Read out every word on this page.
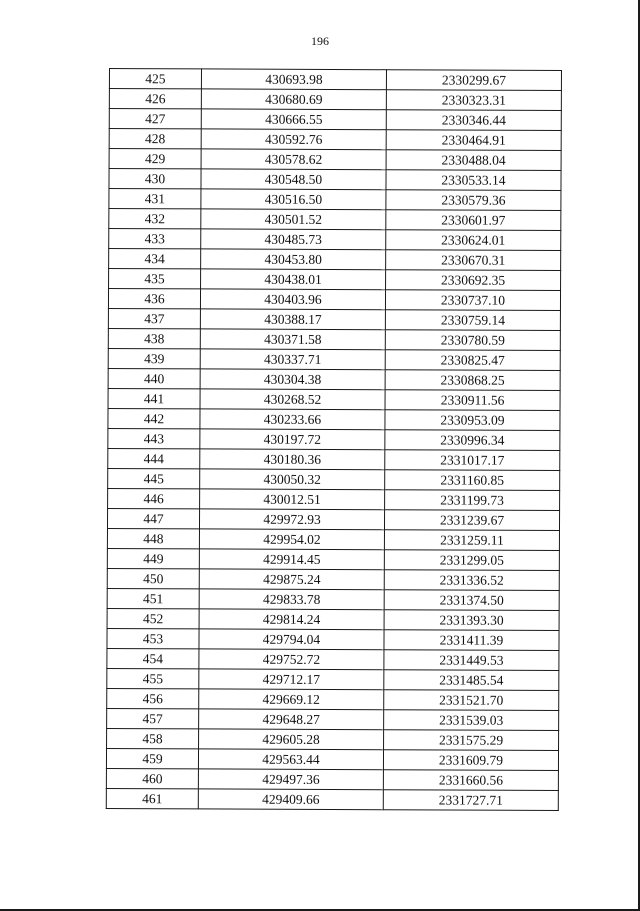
196
425	430693.98	2330299.67
426	430680.69	2330323.31
427	430666.55	2330346.44
428	430592.76	2330464.91
429	430578.62	2330488.04
430	430548.50	2330533.14
431	430516.50	2330579.36
432	430501.52	2330601.97
433	430485.73	2330624.01
434	430453.80	2330670.31
435	430438.01	2330692.35
436	430403.96	2330737.10
437	430388.17	2330759.14
438	430371.58	2330780.59
439	430337.71	2330825.47
440	430304.38	2330868.25
441	430268.52	2330911.56
442	430233.66	2330953.09
443	430197.72	2330996.34
444	430180.36	2331017.17
445	430050.32	2331160.85
446	430012.51	2331199.73
447	429972.93	2331239.67
448	429954.02	2331259.11
449	429914.45	2331299.05
450	429875.24	2331336.52
451	429833.78	2331374.50
452	429814.24	2331393.30
453	429794.04	2331411.39
454	429752.72	2331449.53
455	429712.17	2331485.54
456	429669.12	2331521.70
457	429648.27	2331539.03
458	429605.28	2331575.29
459	429563.44	2331609.79
460	429497.36	2331660.56
461	429409.66	2331727.71
